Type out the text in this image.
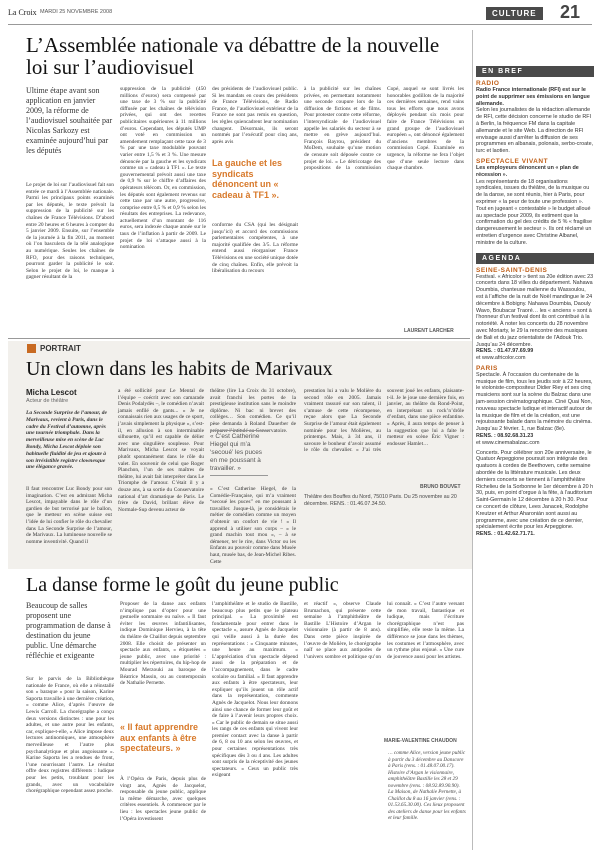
La Croix MARDI 25 NOVEMBRE 2008	CULTURE	21
L’Assemblée nationale va débattre de la nouvelle loi sur l’audiovisuel
Ultime étape avant son application en janvier 2009, la réforme de l’audiovisuel souhaitée par Nicolas Sarkozy est examinée aujourd’hui par les députés
Le projet de loi sur l’audiovisuel fait son entrée ce mardi à l’Assemblée nationale. Parmi les principaux points examinés par les députés, le texte prévoit la suppression de la publicité sur les chaînes de France Télévisions. D’abord entre 20 heures et 6 heures à compter du 5 janvier 2009. Ensuite, sur l’ensemble de la journée à la fin 2011, au moment où l’on basculera de la télé analogique au numérique. Seules les chaînes de RFO, pour des raisons techniques, pourront garder la publicité le soir. Selon le projet de loi, le manque à gagner résultant de la
suppression de la publicité (450 millions d’euros) sera compensé par une taxe de 3 % sur la publicité diffusée par les chaînes de télévision privées, qui ont des recettes publicitaires supérieures à 11 millions d’euros. Cependant, les députés UMP ont voté en commission un amendement remplaçant cette taxe de 3 % par une taxe modulable pouvant varier entre 1,5 % et 3 %. Une mesure dénoncée par la gauche et les syndicats comme un « cadeau à TF1 ». Le texte gouvernemental prévoit aussi une taxe de 0,9 % sur le chiffre d’affaires des opérateurs télécom. Or, en commission, les députés sont également revenus sur cette taxe par une autre, progressive, comprise entre 0,5 % et 0,9 % selon les résultats des entreprises. La redevance, actuellement d’un montant de 116 euros, sera indexée chaque année sur le taux de l’inflation à partir de 2009. Le projet de loi s’attaque aussi à la nomination
des présidents de l’audiovisuel public. Si les mandats en cours des présidents de France Télévisions, de Radio France, de l’audiovisuel extérieur de la France ne sont pas remis en question, les règles quiencadrent leur nomination changent. Désormais, ils seront nommés par l’exécutif pour cinq ans, après avis
La gauche et les syndicats dénoncent un « cadeau à TF1 ».
conforme du CSA (qui les désignait jusqu’ici) et accord des commissions parlementaires compétentes, à une majorité qualifiée des 3/5. La réforme entend aussi réorganiser France Télévisions en une société unique dotée de cinq chaînes. Enfin, elle prévoit la libéralisation du recours
à la publicité sur les chaînes privées, en permettant notamment une seconde coupure lors de la diffusion de fictions et de films. Pour protester contre cette réforme, l’intersyndicale de l’audiovisuel appelle les salariés du secteur à se mettre en grève aujourd’hui. François Bayrou, président du MoDem, souhaite qu’une motion de censure soit déposée contre ce projet de loi. « Le détricotage des propositions de la commission Copé, auquel se sont livrés les honorables godillots de la majorité ces dernières semaines, rend vains tous les efforts que nous avons déployés pendant six mois pour faire de France Télévisions un grand groupe de l’audiovisuel européen », ont dénoncé également d’anciens membres de la commission Copé. Examinée en urgence, la réforme ne fera l’objet que d’une seule lecture dans chaque chambre.
LAURENT LARCHER
PORTRAIT
Un clown dans les habits de Marivaux
Micha Lescot
Acteur de théâtre
La Seconde Surprise de l’amour, de Marivaux, revient à Paris, dans le cadre du Festival d’automne, après une tournée triomphale. Dans la merveilleuse mise en scène de Luc Bondy, Micha Lescot déploie son habituelle fluidité de jeu et ajoute à son irrésistible registre clownesque une élégance gravée.
Il faut rencontrer Luc Bondy pour son imagination. C’est en admirant Micha Lescot, impayable dans le rôle d’un gardien de but terrorisé par le ballon, que le metteur en scène suisse eut l’idée de lui confier le rôle du chevalier dans La Seconde Surprise de l’amour, de Marivaux. La lumineuse nouvelle se nomme inventivité. Quand il
a été sollicité pour Le Mental de l’équipe – coécrit avec son camarade Denis Podalydès –, le comédien n’avait jamais enfilé de gants... « Je ne connaissais rien aux usages de ce sport, j’avais simplement la physique », s’est-il, en allusion à son interminable silhouette, qu’il est capable de délier avec une singulière souplesse. Pour Marivaux, Micha Lescot se voyait plutôt spontanément dans le rôle du valet. En souvenir de celui que Roger Planchon, l’un de ses maîtres de théâtre, lui avait fait interpréter dans Le Triomphe de l’amour. C’était il y a douze ans, à sa sortie du Conservatoire national d’art dramatique de Paris. Le frère de David, brillant élève de Normale-Sup devenu acteur de
théâtre (lire La Croix du 31 octobre), avait franchi les portes de la prestigieuse institution sans le moindre diplôme. Ni bac ni brevet des collèges… Son comédien. Ce qu’il pèse demanda à Roland Dauerber de préparer l’intitulé au Conservatoire.
« C’est Catherine Hiegel qui m’a ‘secoué’ les puces en me poussant à travailler. »
« C’est Catherine Hiegel, de la Comédie-Française, qui m’a vraiment “secoué les puces” en me poussant à travailler. Jusque-là, je considérais le métier de comédien comme un moyen d’obtenir un confort de vie ! » Il apprend à utiliser son corps – « le grand machin tout mou », – à se démener, ter le rire, dans Victor ou les Enfants au pouvoir comme dans Musée haut, musée bas, de Jean-Michel Ribes. Cette
prestation lui a valu le Molière du second rôle en 2005. Jamais vraiment rassuré sur son talent, il s’amuse de cette récompense, reçue alors que La Seconde Surprise de l’amour était également nominée pour les Molières, au printemps. Mais, à 34 ans, il savoure le bonheur d’avoir assumé le rôle du chevalier. « J’ai très souvent joué les enfants, plaisante-t-il. Je le joue une dernière fois, en janvier, au théâtre du Rond-Point, en interprétant un rock’n’drôle d’enfant, dans une pièce enfantine. » Après, il aura temps de penser à la suggestion que lui a faite le metteur en scène Éric Vigner : endosser Hamlet…
BRUNO BOUVET
Théâtre des Bouffes du Nord, 75010 Paris. Du 25 novembre au 20 décembre. RENS. : 01.46.07.34.50.
La danse forme le goût du jeune public
Beaucoup de salles proposent une programmation de danse à destination du jeune public. Une démarche réfléchie et exigeante
Sur le parvis de la Bibliothèque nationale de France, où elle a réinstallé son « baraque » pour la saison, Karine Saporta travaille à une dernière création, « comme Alice, d’après l’œuvre de Lewis Carroll. La chorégraphe a conçu deux versions distinctes : une pour les adultes, et une autre pour les enfants, car, explique-t-elle, « Alice impose deux lectures antinomiques, une atmosphère merveilleuse et l’autre plus psychanalytique et plus angoissante ». Karine Saporta les a rendues de front, l’une nourrissant l’autre. Le résultat offre deux registres différents : ludique pour les petits, troublant pour les grands, avec un vocabulaire chorégraphique cependant assez proche.
Proposer de la danse aux enfants n’implique pas d’opter pour une gestuelle sommaire ou naïve. « Il faut éviter les œuvres infantilisantes, indique Dominique Hervieu, à la tête du théâtre de Chaillot depuis septembre 2008. Elle choisit de présenter un spectacle aux enfants, « étiquetées » jeune public, avec une priorité : multiplier les répertoires, du hip-hop de Mourad Merzouki au baroque de Béatrice Massin, ou au contemporain de Nathalie Pernette.
« Il faut apprendre aux enfants à être spectateurs. »
À l’Opéra de Paris, depuis plus de vingt ans, Agnès de Jacquelot, responsable du jeune public, applique la même démarche, avec quelques critères essentiels. À commencer par le lieu : les spectacles jeune public de l’Opéra investissent
l’amphithéâtre et le studio de Bastille, beaucoup plus petits que le plateau principal. « La proximité est fondamentale pour entrer dans le spectacle », assure Agnès de Jacquelot qui veille aussi à la durée des représentations : « Cinquante minutes, une heure au maximum. » L’appréciation d’un spectacle dépend aussi de la préparation et de l’accompagnement, dans le cadre scolaire ou familial. « Il faut apprendre aux enfants à être spectateurs, leur expliquer qu’ils jouent un rôle actif dans la représentation, commente Agnès de Jacquelot. Nous leur donnons ainsi une chance de former leur goût et de faire à l’avenir leurs propres choix. » Car le public de demain se situe aussi les rangs de ces enfants qui vivent leur premier contact avec la danse à partir de 6, 8 ou 10 ans selon les œuvres, et pour certaines représentations très spécifiques dès 3 ou 4 ans. Les adultes sont surpris de la réceptivité des jeunes spectateurs. « Ceux un public très exigeant
et réactif », observe Claude Brumachon, qui présente cette semaine à l’amphithéâtre de Bastille L’Histoire d’Argan le visionnaire (à partir de 8 ans). Dans cette pièce inspirée de l’œuvre de Molière, le chorégraphe naïf se place aux antipodes de l’univers sombre et politique qu’on lui connaît. « C’est l’autre versant de mon travail, fantastique et ludique, mais l’écriture chorégraphique n’est pas simplifiée, elle reste la même. La différence se joue dans les thèmes, les costumes et l’atmosphère, avec un rythme plus enjoué. » Une cure de jouvence aussi pour les artistes.
MARIE-VALENTINE CHAUDON
… comme Alice, version jeune public à partir du 3 décembre au Danscore à Paris (rens. : 01.48.07.00.17). Histoire d’Argan le visionnaire, amphithéâtre Bastille les 28 et 29 novembre (rens. : 08.92.89.90.90). La Maison, de Nathalie Pernette, à Chaillot du 8 au 16 janvier (rens. : 01.53.65.30.00). Ces lieux proposent des ateliers de danse pour les enfants et leur famille.
EN BREF
RADIO
Radio France internationale (RFI) est sur le point de supprimer ses émissions en langue allemande.
Selon les journalistes de la rédaction allemande de RFI, cette décision concerne le studio de RFI à Berlin, la fréquence FM dans la capitale allemande et le site Web. La direction de RFI envisage aussi d’arrêter la diffusion de ses programmes en albanais, polonais, serbo-croate, turc et laotien.
SPECTACLE VIVANT
Les employeurs dénoncent un « plan de récession ».
Les représentants de 18 organisations syndicales, issues du théâtre, de la musique ou de la danse, se sont réunis, hier à Paris, pour exprimer « la peur de toute une profession ». Tout en jugeant « contestable » le budget alloué au spectacle pour 2009, ils estiment que la confirmation du gel des crédits de 5 % « fragilise dangereusement le secteur ». Ils ont réclamé un entretien d’urgence avec Christine Albanel, ministre de la culture.
AGENDA
SEINE-SAINT-DENIS
Festival. « Africolor » tient sa 20e édition avec 23 concerts dans 18 villes du département. Nahawa Doumbia, chanteuse malienne du Wassoulou, est à l’affiche de la nuit de Noël mandingue le 24 décembre à Bobigny. Nahawa Doumbia, Daouly Wavo, Boubacar Traoré… les « anciens » sont à l’honneur d’un festival dont ils ont contribué à la notoriété. À noter les concerts du 28 novembre avec Moriarty, le 29 la rencontre des musiques de Bali et du jazz orientaliste de l’Adouk Trio. Jusqu’au 24 décembre.
RENS. : 01.47.97.69.99
et www.africolor.com
PARIS
Spectacle. À l’occasion du centenaire de la musique de film, tous les jeudis soir à 22 heures, le violoniste-compositeur Didier Riey et ses cinq musiciens sont sur la scène du Balzac dans une jam-session cinématographique. Ciné Quai Non, nouveau spectacle ludique et interactif autour de la musique de film et de la création, est une rejouissante balade dans la mémoire du cinéma. Jusqu’au 2 février. 1, rue Balzac (8e).
RENS. : 08.92.68.31.23
et www.cinemabalzac.com
Concerts. Pour célébrer son 20e anniversaire, le Quatuor Arpeggione poursuit son intégrale des quatuors à cordes de Beethoven, cette semaine abordée de la littérature musicale. Les deux derniers concerts se tiennent à l’amphithéâtre Richelieu de la Sorbonne le 1er décembre à 20 h 30, puis, en point d’orgue à la fête, à l’auditorium Saint-Germain le 12 décembre à 20 h 30. Pour ce concert de clôture, Lees Janacek, Rodolphe Kreutzer et Arthur Aharonián sont aussi au programme, avec une création de ce dernier, spécialement écrite pour les Arpeggione.
RENS. : 01.42.62.71.71.
